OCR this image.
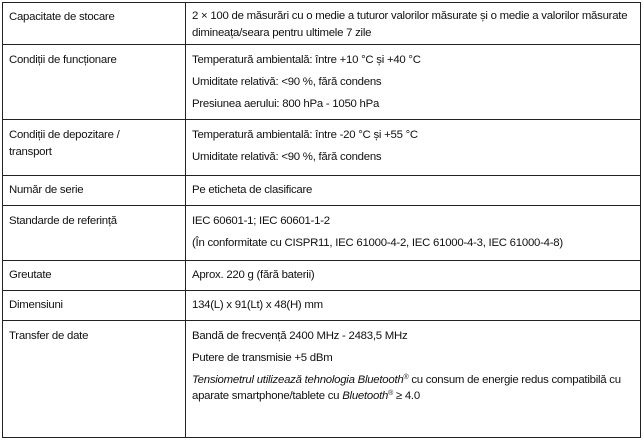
Capacitate de stocare	2 × 100 de măsurări cu o medie a tuturor valorilor măsurate și o medie a valorilor măsurate dimineața/seara pentru ultimele 7 zile

Condiții de funcționare	Temperatură ambientală: între +10 °C și +40 °C
Umiditate relativă: <90 %, fără condens
Presiunea aerului: 800 hPa - 1050 hPa

Condiții de depozitare / transport	Temperatură ambientală: între -20 °C și +55 °C
Umiditate relativă: <90 %, fără condens

Număr de serie	Pe eticheta de clasificare

Standarde de referință	IEC 60601-1; IEC 60601-1-2
(În conformitate cu CISPR11, IEC 61000-4-2, IEC 61000-4-3, IEC 61000-4-8)

Greutate	Aprox. 220 g (fără baterii)

Dimensiuni	134(L) x 91(Lt) x 48(H) mm

Transfer de date	Bandă de frecvență 2400 MHz - 2483,5 MHz
Putere de transmisie +5 dBm
Tensiometrul utilizează tehnologia Bluetooth® cu consum de energie redus compatibilă cu aparate smartphone/tablete cu Bluetooth® ≥ 4.0
